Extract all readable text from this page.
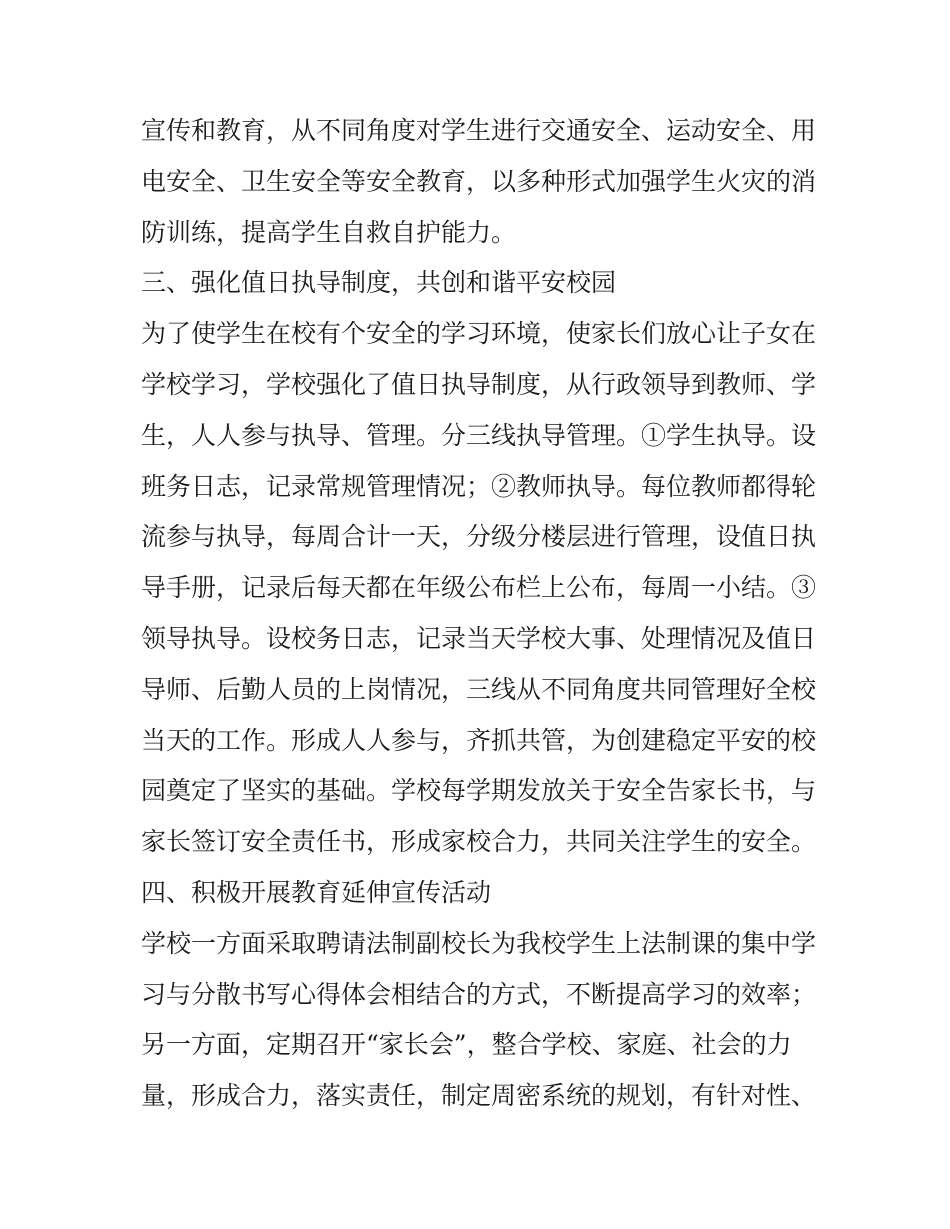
宣传和教育，从不同角度对学生进行交通安全、运动安全、用
电安全、卫生安全等安全教育，以多种形式加强学生火灾的消
防训练，提高学生自救自护能力。
三、强化值日执导制度，共创和谐平安校园
为了使学生在校有个安全的学习环境，使家长们放心让子女在
学校学习，学校强化了值日执导制度，从行政领导到教师、学
生，人人参与执导、管理。分三线执导管理。①学生执导。设
班务日志，记录常规管理情况；②教师执导。每位教师都得轮
流参与执导，每周合计一天，分级分楼层进行管理，设值日执
导手册，记录后每天都在年级公布栏上公布，每周一小结。③
领导执导。设校务日志，记录当天学校大事、处理情况及值日
导师、后勤人员的上岗情况，三线从不同角度共同管理好全校
当天的工作。形成人人参与，齐抓共管，为创建稳定平安的校
园奠定了坚实的基础。学校每学期发放关于安全告家长书，与
家长签订安全责任书，形成家校合力，共同关注学生的安全。
四、积极开展教育延伸宣传活动
学校一方面采取聘请法制副校长为我校学生上法制课的集中学
习与分散书写心得体会相结合的方式，不断提高学习的效率；
另一方面，定期召开“家长会”，整合学校、家庭、社会的力
量，形成合力，落实责任，制定周密系统的规划，有针对性、
